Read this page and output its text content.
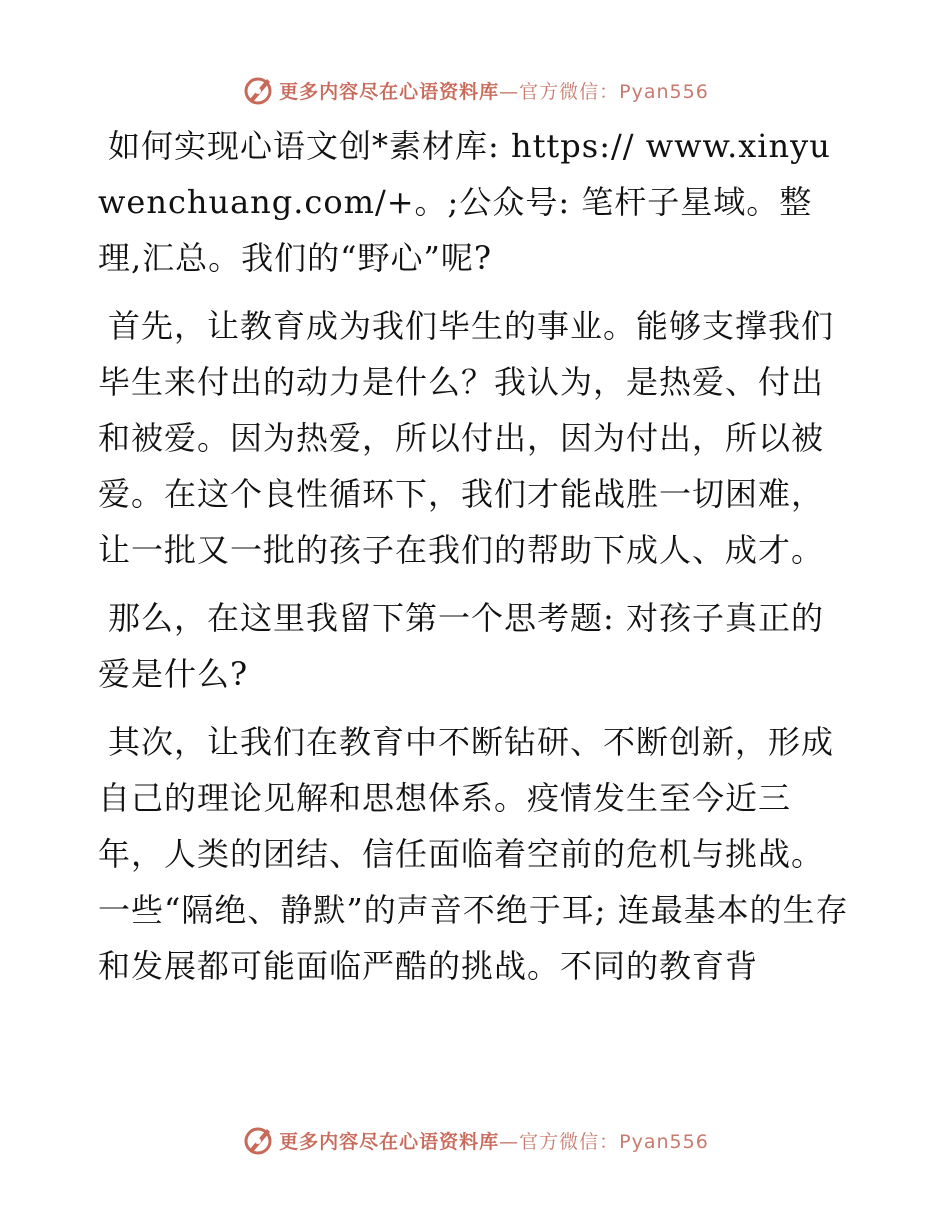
更多内容尽在心语资料库—官方微信：Pyan556

如何实现心语文创*素材库: https:// www.xinyuwenchuang.com/+。;公众号: 笔杆子星域。整理,汇总。我们的“野心”呢?

首先，让教育成为我们毕生的事业。能够支撑我们毕生来付出的动力是什么？我认为，是热爱、付出和被爱。因为热爱，所以付出，因为付出，所以被爱。在这个良性循环下，我们才能战胜一切困难，让一批又一批的孩子在我们的帮助下成人、成才。

那么，在这里我留下第一个思考题: 对孩子真正的爱是什么?

其次，让我们在教育中不断钻研、不断创新，形成自己的理论见解和思想体系。疫情发生至今近三年，人类的团结、信任面临着空前的危机与挑战。一些“隔绝、静默”的声音不绝于耳; 连最基本的生存和发展都可能面临严酷的挑战。不同的教育背

更多内容尽在心语资料库—官方微信：Pyan556
